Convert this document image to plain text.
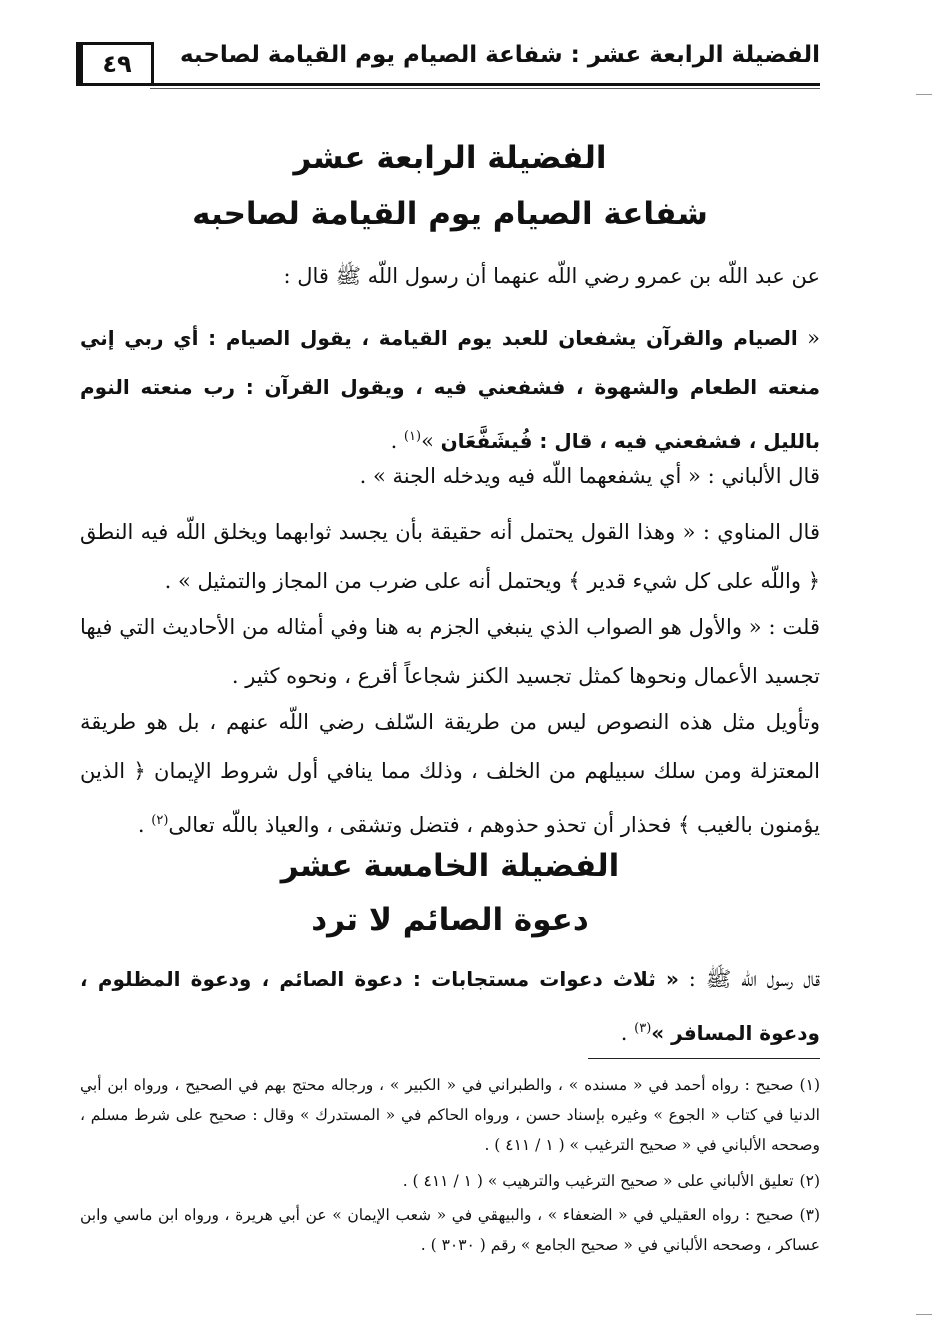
٤٩	الفضيلة الرابعة عشر : شفاعة الصيام يوم القيامة لصاحبه
الفضيلة الرابعة عشر
شفاعة الصيام يوم القيامة لصاحبه

عن عبد اللّه بن عمرو رضي اللّه عنهما أن رسول اللّه ﷺ قال :

« الصيام والقرآن يشفعان للعبد يوم القيامة ، يقول الصيام : أي ربي إني منعته الطعام والشهوة ، فشفعني فيه ، ويقول القرآن : رب منعته النوم بالليل ، فشفعني فيه ، قال : فُيشَفَّعَان »$^{(١)}$ .

قال الألباني : « أي يشفعهما اللّه فيه ويدخله الجنة » .

قال المناوي : « وهذا القول يحتمل أنه حقيقة بأن يجسد ثوابهما ويخلق اللّه فيه النطق ﴿ واللّه على كل شيء قدير ﴾ ويحتمل أنه على ضرب من المجاز والتمثيل » .

قلت : « والأول هو الصواب الذي ينبغي الجزم به هنا وفي أمثاله من الأحاديث التي فيها تجسيد الأعمال ونحوها كمثل تجسيد الكنز شجاعاً أقرع ، ونحوه كثير .

وتأويل مثل هذه النصوص ليس من طريقة السّلف رضي اللّه عنهم ، بل هو طريقة المعتزلة ومن سلك سبيلهم من الخلف ، وذلك مما ينافي أول شروط الإيمان ﴿ الذين يؤمنون بالغيب ﴾ فحذار أن تحذو حذوهم ، فتضل وتشقى ، والعياذ باللّه تعالى$^{(٢)}$ .

الفضيلة الخامسة عشر
دعوة الصائم لا ترد

قال رسول اللّه ﷺ : « ثلاث دعوات مستجابات : دعوة الصائم ، ودعوة المظلوم ، ودعوة المسافر »$^{(٣)}$ .

(١)صحيح : رواه أحمد في « مسنده » ، والطبراني في « الكبير » ، ورجاله محتج بهم في الصحيح ، ورواه ابن أبي الدنيا في كتاب « الجوع » وغيره بإسناد حسن ، ورواه الحاكم في « المستدرك » وقال : صحيح على شرط مسلم ، وصححه الألباني في « صحيح الترغيب » ( ١ / ٤١١ ) .

(٢)تعليق الألباني على « صحيح الترغيب والترهيب » ( ١ / ٤١١ ) .

(٣)صحيح : رواه العقيلي في « الضعفاء » ، والبيهقي في « شعب الإيمان » عن أبي هريرة ، ورواه ابن ماسي وابن عساكر ، وصححه الألباني في « صحيح الجامع » رقم ( ٣٠٣٠ ) .
